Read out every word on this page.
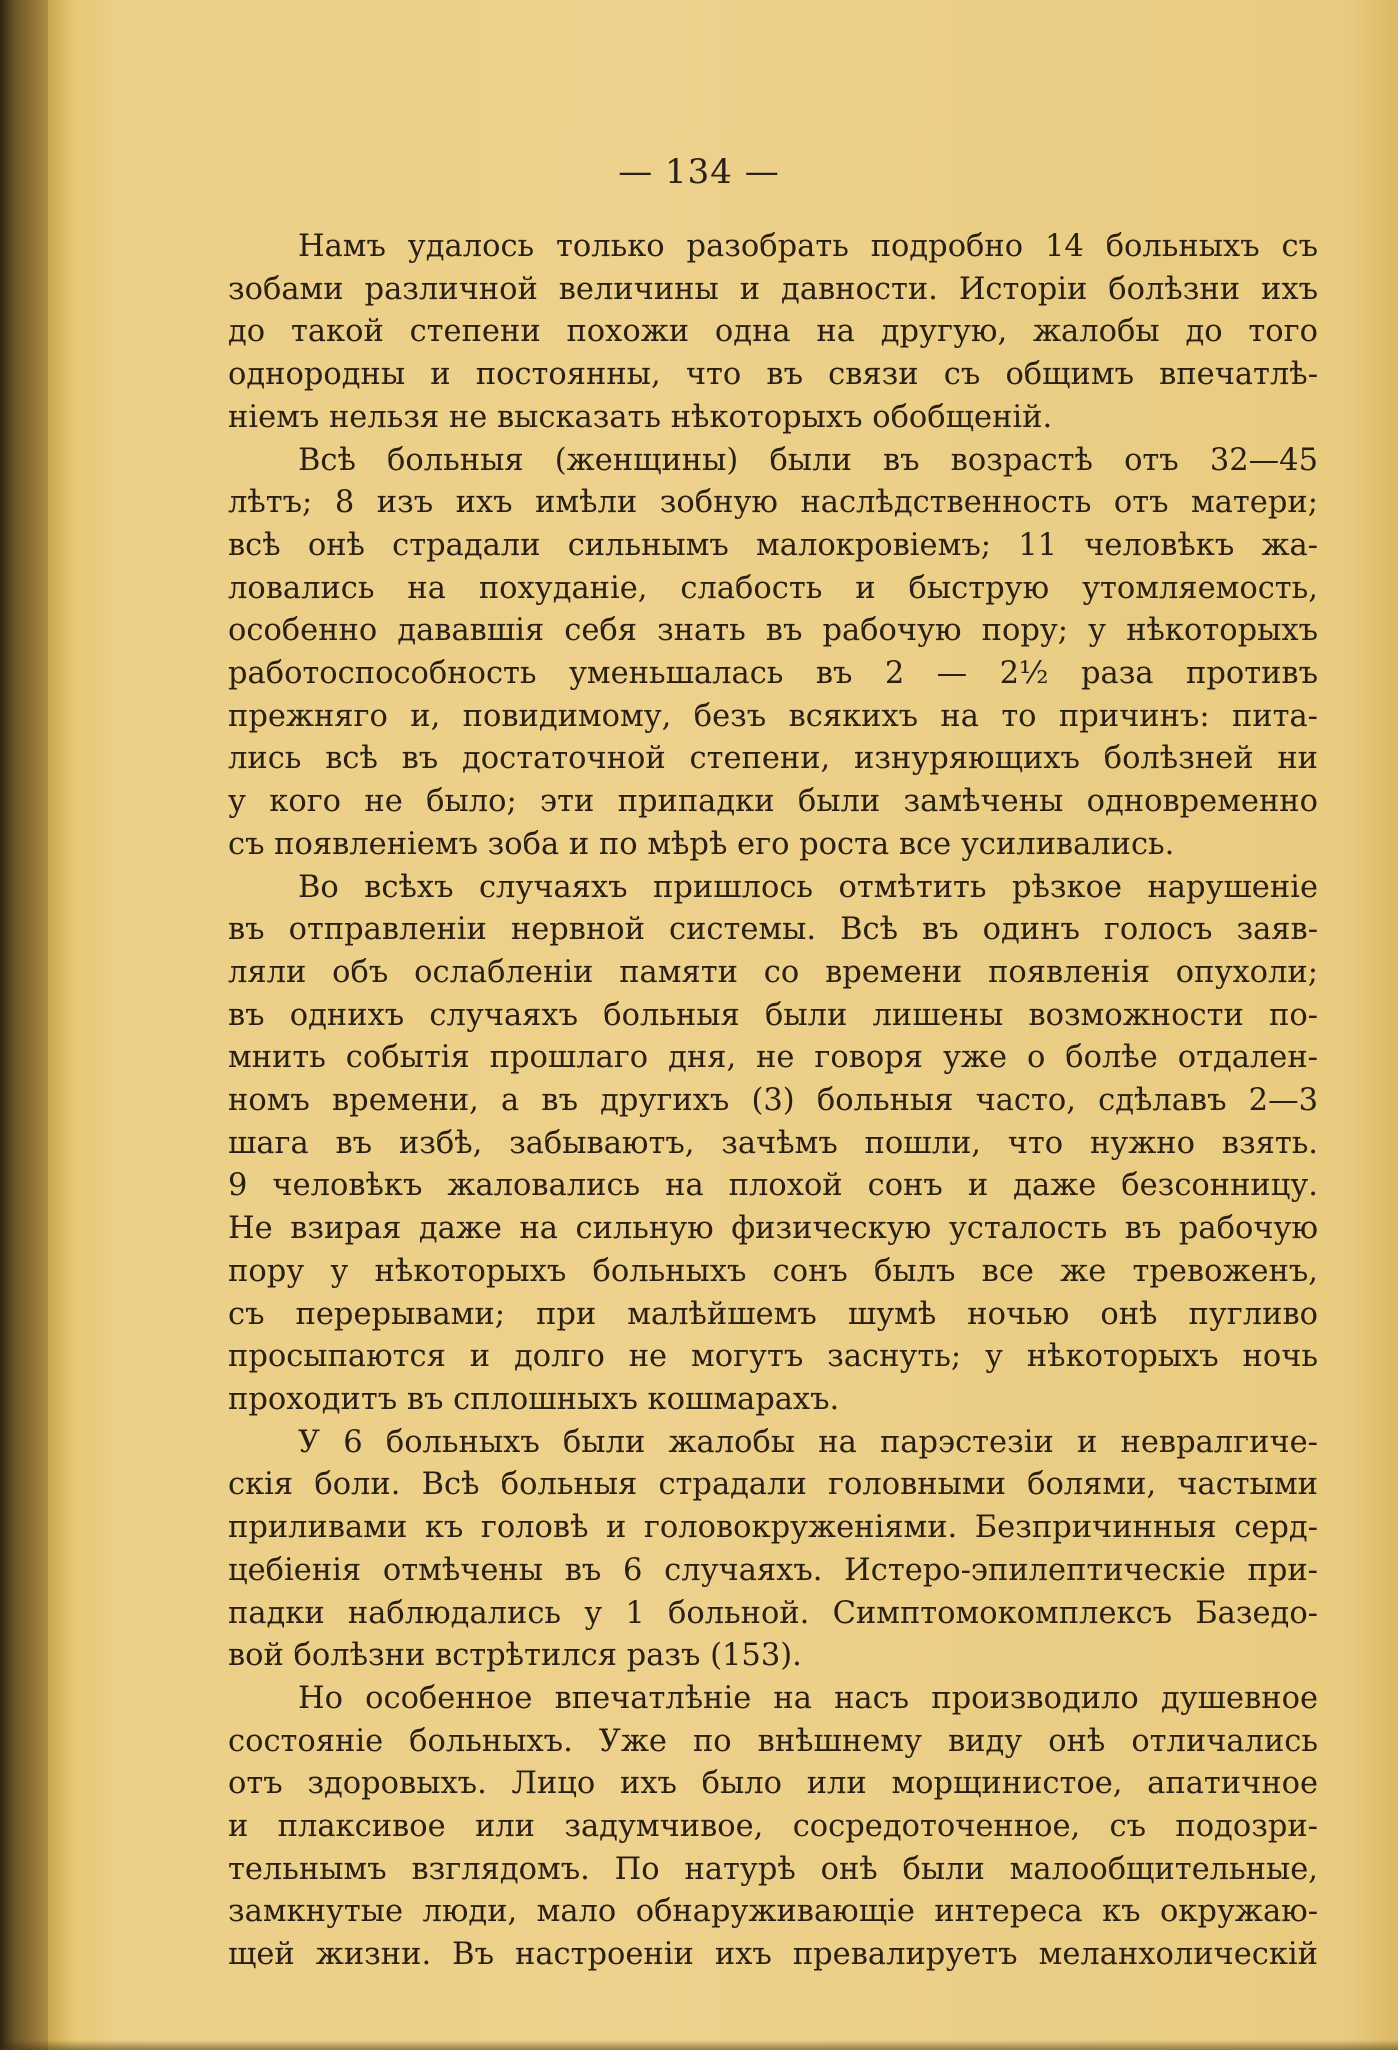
— 134 —
Намъ удалось только разобрать подробно 14 больныхъ съ
зобами различной величины и давности. Исторіи болѣзни ихъ
до такой степени похожи одна на другую, жалобы до того
однородны и постоянны, что въ связи съ общимъ впечатлѣ-
ніемъ нельзя не высказать нѣкоторыхъ обобщеній.
Всѣ больныя (женщины) были въ возрастѣ отъ 32—45
лѣтъ; 8 изъ ихъ имѣли зобную наслѣдственность отъ матери;
всѣ онѣ страдали сильнымъ малокровіемъ; 11 человѣкъ жа-
ловались на похуданіе, слабость и быструю утомляемость,
особенно дававшія себя знать въ рабочую пору; у нѣкоторыхъ
работоспособность уменьшалась въ 2 — 2½ раза противъ
прежняго и, повидимому, безъ всякихъ на то причинъ: пита-
лись всѣ въ достаточной степени, изнуряющихъ болѣзней ни
у кого не было; эти припадки были замѣчены одновременно
съ появленіемъ зоба и по мѣрѣ его роста все усиливались.
Во всѣхъ случаяхъ пришлось отмѣтить рѣзкое нарушеніе
въ отправленіи нервной системы. Всѣ въ одинъ голосъ заяв-
ляли объ ослабленіи памяти со времени появленія опухоли;
въ однихъ случаяхъ больныя были лишены возможности по-
мнить событія прошлаго дня, не говоря уже о болѣе отдален-
номъ времени, а въ другихъ (3) больныя часто, сдѣлавъ 2—3
шага въ избѣ, забываютъ, зачѣмъ пошли, что нужно взять.
9 человѣкъ жаловались на плохой сонъ и даже безсонницу.
Не взирая даже на сильную физическую усталость въ рабочую
пору у нѣкоторыхъ больныхъ сонъ былъ все же тревоженъ,
съ перерывами; при малѣйшемъ шумѣ ночью онѣ пугливо
просыпаются и долго не могутъ заснуть; у нѣкоторыхъ ночь
проходитъ въ сплошныхъ кошмарахъ.
У 6 больныхъ были жалобы на парэстезіи и невралгиче-
скія боли. Всѣ больныя страдали головными болями, частыми
приливами къ головѣ и головокруженіями. Безпричинныя серд-
цебіенія отмѣчены въ 6 случаяхъ. Истеро-эпилептическіе при-
падки наблюдались у 1 больной. Симптомокомплексъ Базедо-
вой болѣзни встрѣтился разъ (153).
Но особенное впечатлѣніе на насъ производило душевное
состояніе больныхъ. Уже по внѣшнему виду онѣ отличались
отъ здоровыхъ. Лицо ихъ было или морщинистое, апатичное
и плаксивое или задумчивое, сосредоточенное, съ подозри-
тельнымъ взглядомъ. По натурѣ онѣ были малообщительные,
замкнутые люди, мало обнаруживающіе интереса къ окружаю-
щей жизни. Въ настроеніи ихъ превалируетъ меланхолическій
